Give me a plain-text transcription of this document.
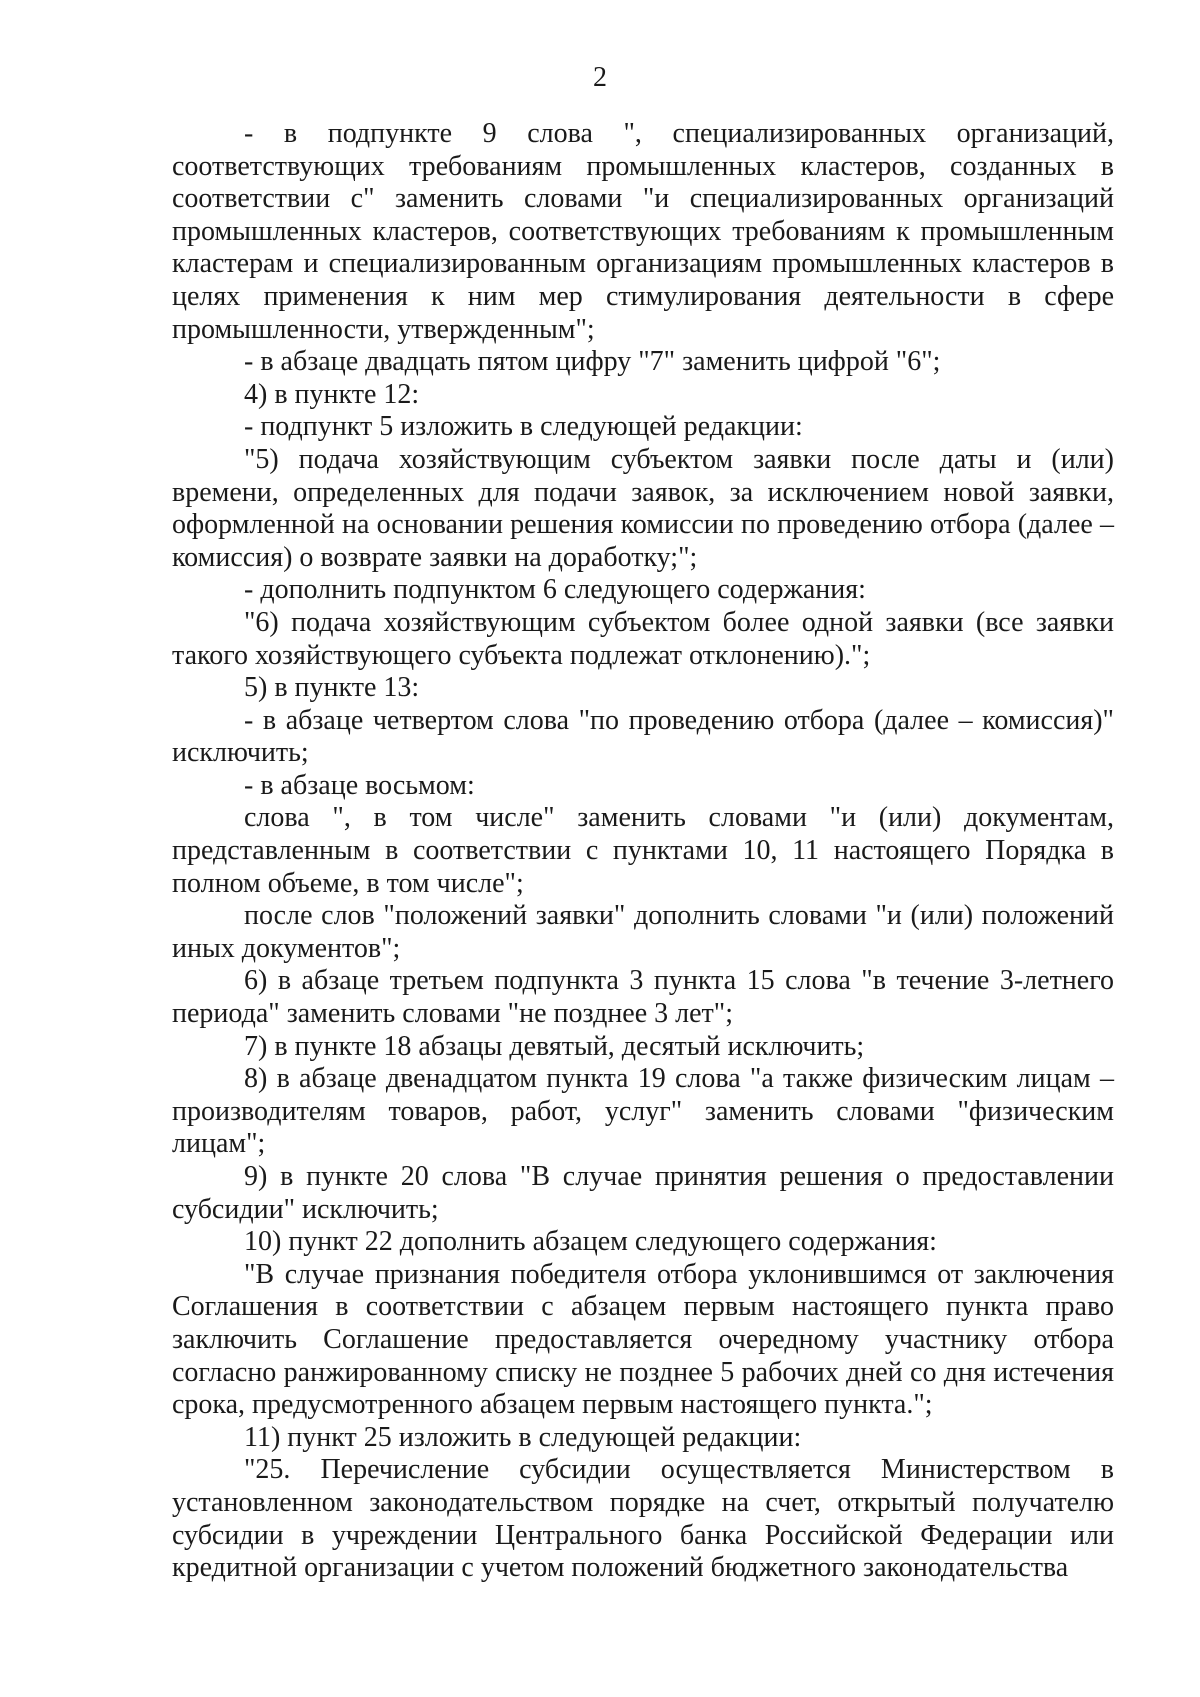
2

- в подпункте 9 слова ", специализированных организаций, соответствующих требованиям промышленных кластеров, созданных в соответствии с" заменить словами "и специализированных организаций промышленных кластеров, соответствующих требованиям к промышленным кластерам и специализированным организациям промышленных кластеров в целях применения к ним мер стимулирования деятельности в сфере промышленности, утвержденным";

- в абзаце двадцать пятом цифру "7" заменить цифрой "6";

4) в пункте 12:

- подпункт 5 изложить в следующей редакции:

"5) подача хозяйствующим субъектом заявки после даты и (или) времени, определенных для подачи заявок, за исключением новой заявки, оформленной на основании решения комиссии по проведению отбора (далее – комиссия) о возврате заявки на доработку;";

- дополнить подпунктом 6 следующего содержания:

"6) подача хозяйствующим субъектом более одной заявки (все заявки такого хозяйствующего субъекта подлежат отклонению).";

5) в пункте 13:

- в абзаце четвертом слова "по проведению отбора (далее – комиссия)" исключить;

- в абзаце восьмом:

слова ", в том числе" заменить словами "и (или) документам, представленным в соответствии с пунктами 10, 11 настоящего Порядка в полном объеме, в том числе";

после слов "положений заявки" дополнить словами "и (или) положений иных документов";

6) в абзаце третьем подпункта 3 пункта 15 слова "в течение 3-летнего периода" заменить словами "не позднее 3 лет";

7) в пункте 18 абзацы девятый, десятый исключить;

8) в абзаце двенадцатом пункта 19 слова "а также физическим лицам – производителям товаров, работ, услуг" заменить словами "физическим лицам";

9) в пункте 20 слова "В случае принятия решения о предоставлении субсидии" исключить;

10) пункт 22 дополнить абзацем следующего содержания:

"В случае признания победителя отбора уклонившимся от заключения Соглашения в соответствии с абзацем первым настоящего пункта право заключить Соглашение предоставляется очередному участнику отбора согласно ранжированному списку не позднее 5 рабочих дней со дня истечения срока, предусмотренного абзацем первым настоящего пункта.";

11) пункт 25 изложить в следующей редакции:

"25. Перечисление субсидии осуществляется Министерством в установленном законодательством порядке на счет, открытый получателю субсидии в учреждении Центрального банка Российской Федерации или кредитной организации с учетом положений бюджетного законодательства
